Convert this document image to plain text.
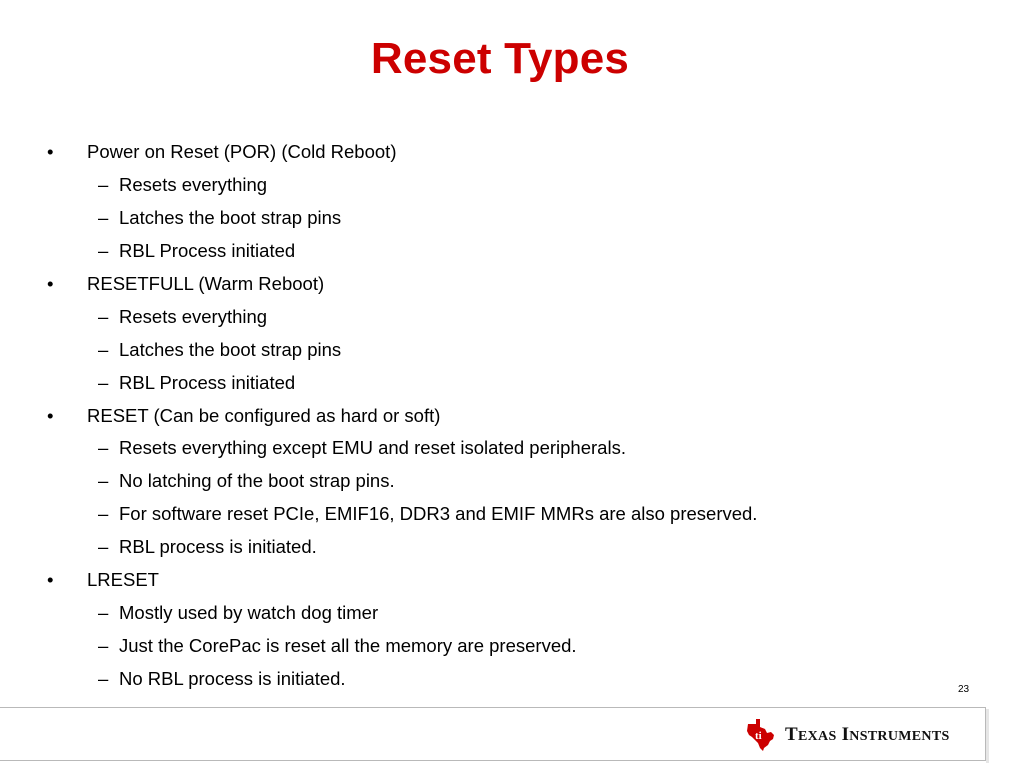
Reset Types
•	Power on Reset (POR) (Cold Reboot)
– Resets everything
– Latches the boot strap pins
– RBL Process initiated
•	RESETFULL (Warm Reboot)
– Resets everything
– Latches the boot strap pins
– RBL Process initiated
•	RESET (Can be configured as hard or soft)
– Resets everything except EMU and reset isolated peripherals.
– No latching of the boot strap pins.
– For software reset PCIe, EMIF16, DDR3 and EMIF MMRs are also preserved.
– RBL process is initiated.
•	LRESET
– Mostly used by watch dog timer
– Just the CorePac is reset all the memory are preserved.
– No RBL process is initiated.
23
ti TEXAS INSTRUMENTS
